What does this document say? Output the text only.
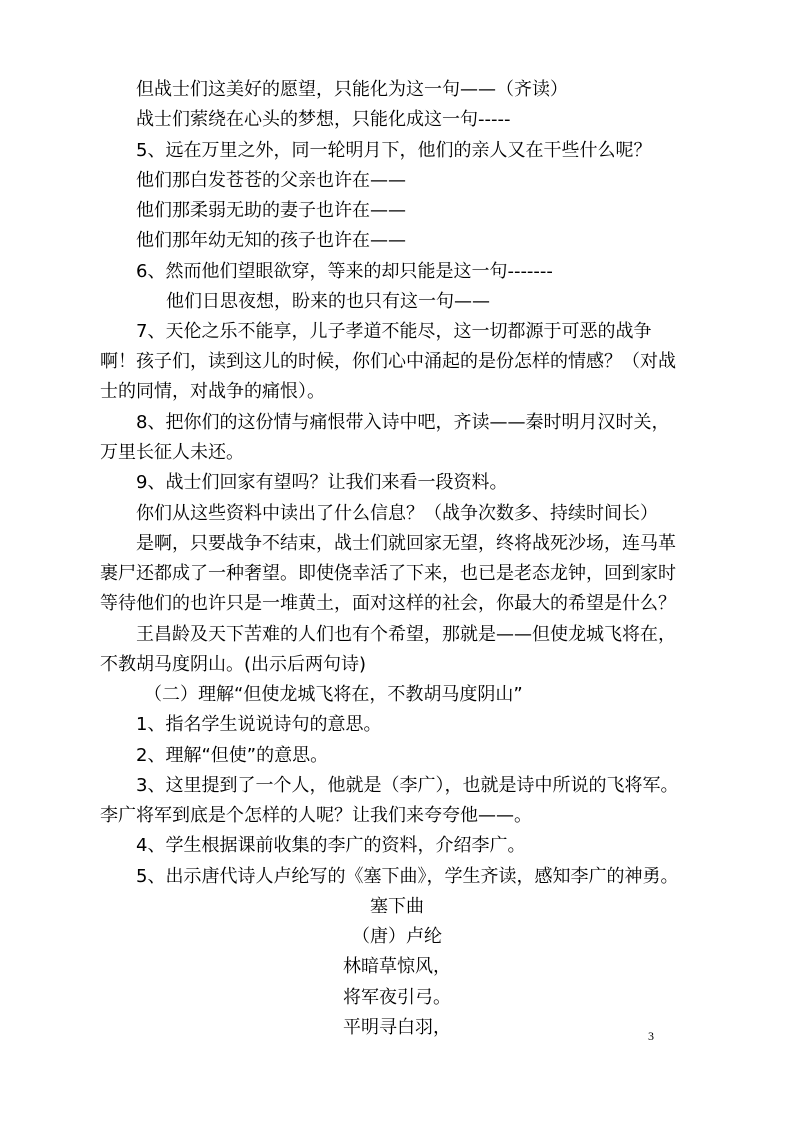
但战士们这美好的愿望，只能化为这一句——（齐读）
战士们萦绕在心头的梦想，只能化成这一句-----
5、远在万里之外，同一轮明月下，他们的亲人又在干些什么呢？
他们那白发苍苍的父亲也许在——
他们那柔弱无助的妻子也许在——
他们那年幼无知的孩子也许在——
6、然而他们望眼欲穿，等来的却只能是这一句-------
他们日思夜想，盼来的也只有这一句——
7、天伦之乐不能享，儿子孝道不能尽，这一切都源于可恶的战争
啊！孩子们，读到这儿的时候，你们心中涌起的是份怎样的情感？（对战
士的同情，对战争的痛恨）。
8、把你们的这份情与痛恨带入诗中吧，齐读——秦时明月汉时关，
万里长征人未还。
9、战士们回家有望吗？让我们来看一段资料。
你们从这些资料中读出了什么信息？（战争次数多、持续时间长）
是啊，只要战争不结束，战士们就回家无望，终将战死沙场，连马革
裹尸还都成了一种奢望。即使侥幸活了下来，也已是老态龙钟，回到家时
等待他们的也许只是一堆黄土，面对这样的社会，你最大的希望是什么？
王昌龄及天下苦难的人们也有个希望，那就是——但使龙城飞将在，
不教胡马度阴山。(出示后两句诗)
（二）理解“但使龙城飞将在，不教胡马度阴山”
1、指名学生说说诗句的意思。
2、理解“但使”的意思。
3、这里提到了一个人，他就是（李广），也就是诗中所说的飞将军。
李广将军到底是个怎样的人呢？让我们来夸夸他——。
4、学生根据课前收集的李广的资料，介绍李广。
5、出示唐代诗人卢纶写的《塞下曲》，学生齐读，感知李广的神勇。
塞下曲
（唐）卢纶
林暗草惊风，
将军夜引弓。
平明寻白羽，	3
